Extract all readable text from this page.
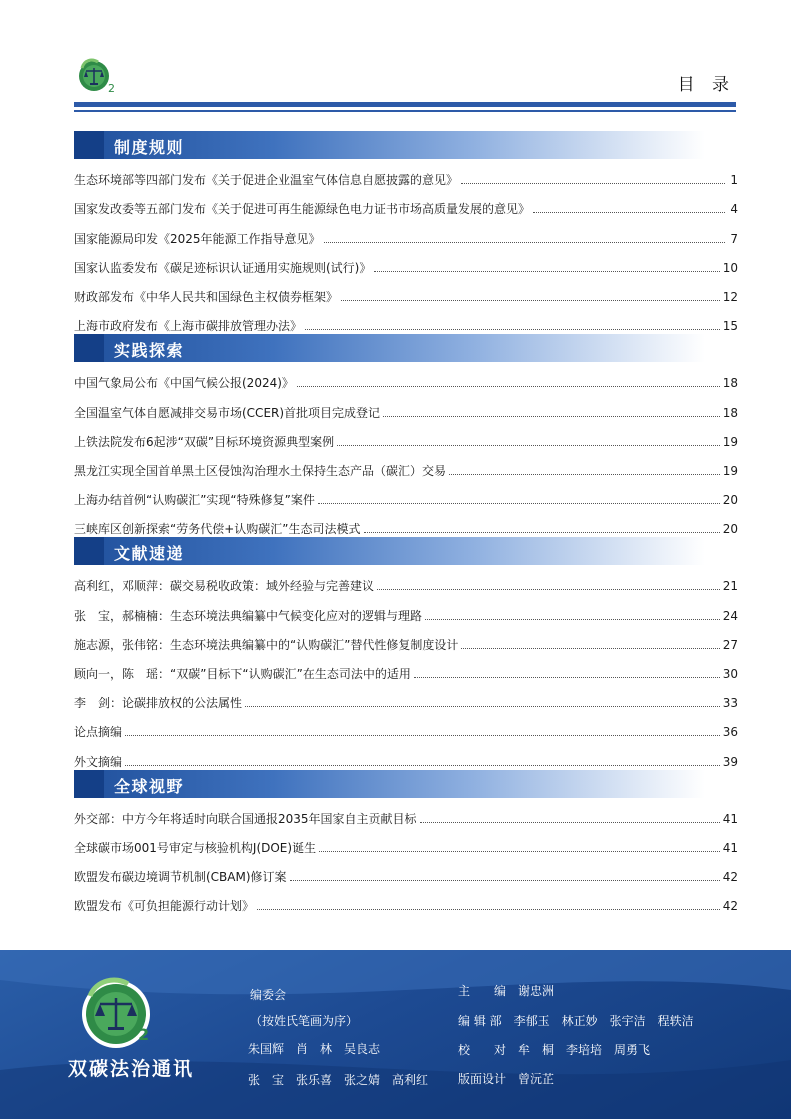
2	目 录
制度规则
生态环境部等四部门发布《关于促进企业温室气体信息自愿披露的意见》	1
国家发改委等五部门发布《关于促进可再生能源绿色电力证书市场高质量发展的意见》	4
国家能源局印发《2025年能源工作指导意见》	7
国家认监委发布《碳足迹标识认证通用实施规则(试行)》	10
财政部发布《中华人民共和国绿色主权债券框架》	12
上海市政府发布《上海市碳排放管理办法》	15
实践探索
中国气象局公布《中国气候公报(2024)》	18
全国温室气体自愿减排交易市场(CCER)首批项目完成登记	18
上铁法院发布6起涉“双碳”目标环境资源典型案例	19
黑龙江实现全国首单黑土区侵蚀沟治理水土保持生态产品（碳汇）交易	19
上海办结首例“认购碳汇”实现“特殊修复”案件	20
三峡库区创新探索“劳务代偿+认购碳汇”生态司法模式	20
文献速递
高利红，邓顺萍：碳交易税收政策：域外经验与完善建议	21
张　宝，郝楠楠：生态环境法典编纂中气候变化应对的逻辑与理路	24
施志源，张伟铭：生态环境法典编纂中的“认购碳汇”替代性修复制度设计	27
顾向一，陈　瑶：“双碳”目标下“认购碳汇”在生态司法中的适用	30
李　剑：论碳排放权的公法属性	33
论点摘编	36
外文摘编	39
全球视野
外交部：中方今年将适时向联合国通报2035年国家自主贡献目标	41
全球碳市场001号审定与核验机构J(DOE)诞生	41
欧盟发布碳边境调节机制(CBAM)修订案	42
欧盟发布《可负担能源行动计划》	42
2
双碳法治通讯
编委会
（按姓氏笔画为序）
朱国辉　肖　林　吴良志
张　宝　张乐喜　张之婧　高利红
主　　编　谢忠洲
编 辑 部　李郁玉　林正妙　张宇洁　程轶洁
校　　对　牟　桐　李培培　周勇飞
版面设计　曾沅芷
